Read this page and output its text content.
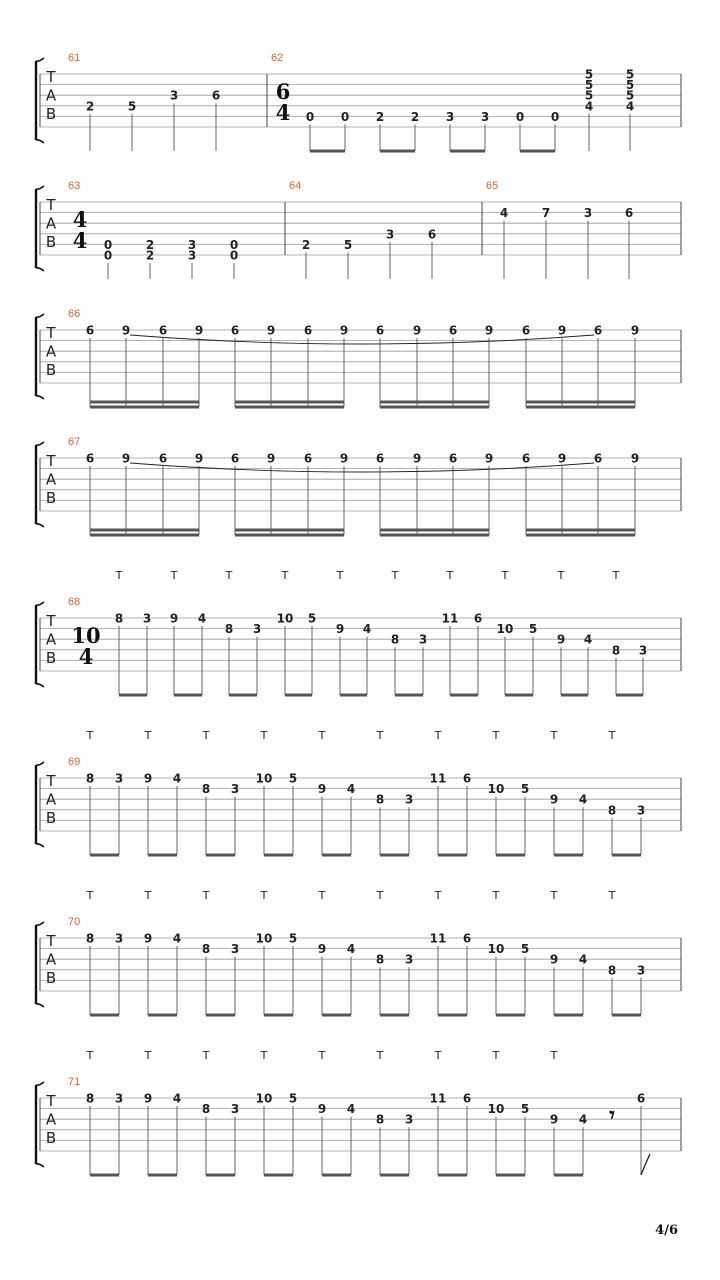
T
A
B
61	62
6
4
2	5
3	6
0 0 2 2 3 3 0 0
5
5
5
4
5
5
5
4
T
A
B
63
4
4
64	65
0
0
2
2
3
3
0
0
2	5
3	6
4	7	3	6
T
A
B
66
6 9 6 9 6 9 6 9 6 9 6 9 6 9 6 9
T
A
B
67
6 9 6 9 6 9 6 9 6 9 6 9 6 9 6 9
T
A
B
68
10
4
T	T	T	T	T	T	T	T	T	T
8 3 9 4
8 3
10 5
9 4
8 3
11 6
10 5
9 4
8 3
T
A
B
69
T	T	T	T	T	T	T	T	T	T
8 3 9 4
8 3
10 5
9 4
8 3
11 6
10 5
9 4
8 3
T
A
B
70
T	T	T	T	T	T	T	T	T	T
8 3 9 4
8 3
10 5
9 4
8 3
11 6
10 5
9 4
8 3
T
A
B
71
T	T	T	T	T	T	T	T	T
8 3 9 4
8 3
10 5
9 4
8 3
11 6
10 5
9 4 𝄾
6
4/6
